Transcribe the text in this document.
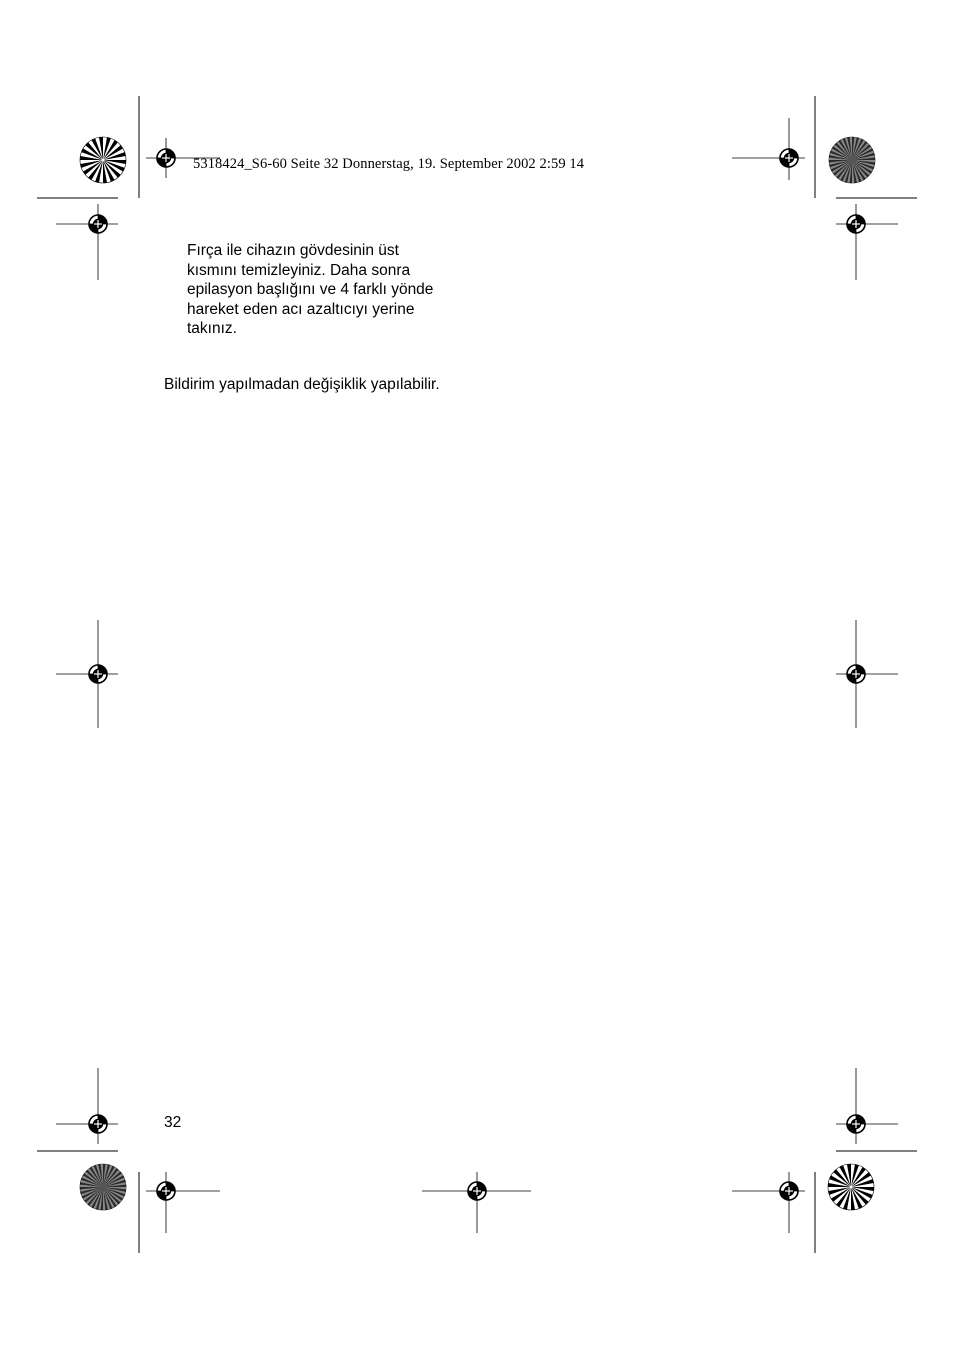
5318424_S6-60 Seite 32 Donnerstag, 19. September 2002 2:59 14
Fırça ile cihazın gövdesinin üst
kısmını temizleyiniz. Daha sonra
epilasyon başlığını ve 4 farklı yönde
hareket eden acı azaltıcıyı yerine
takınız.
Bildirim yapılmadan değişiklik yapılabilir.
32
